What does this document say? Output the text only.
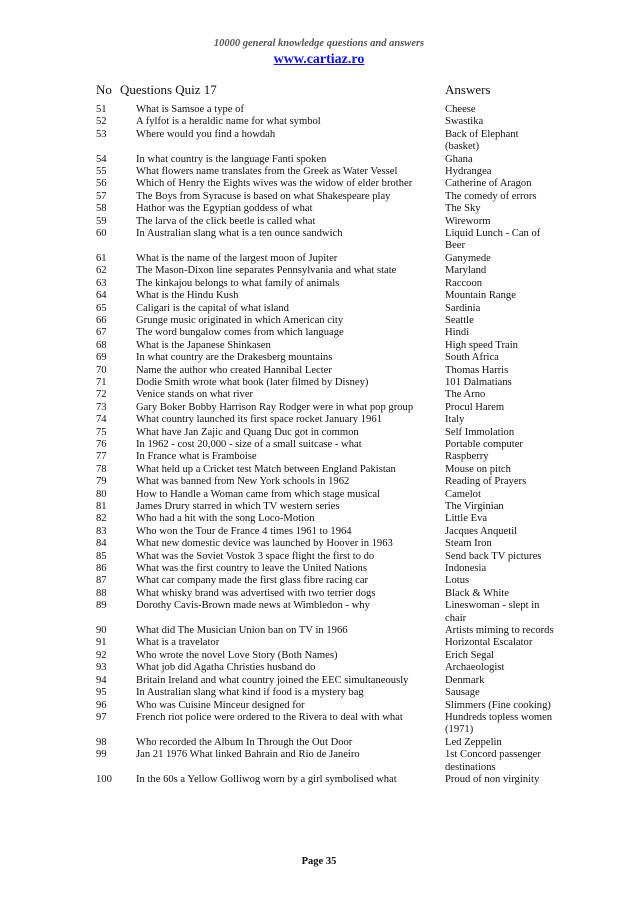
10000 general knowledge questions and answers
www.cartiaz.ro
No Questions Quiz 17	Answers
51	What is Samsoe a type of	Cheese
52	A fylfot is a heraldic name for what symbol	Swastika
53	Where would you find a howdah	Back of Elephant (basket)
54	In what country is the language Fanti spoken	Ghana
55	What flowers name translates from the Greek as Water Vessel	Hydrangea
56	Which of Henry the Eights wives was the widow of elder brother	Catherine of Aragon
57	The Boys from Syracuse is based on what Shakespeare play	The comedy of errors
58	Hathor was the Egyptian goddess of what	The Sky
59	The larva of the click beetle is called what	Wireworm
60	In Australian slang what is a ten ounce sandwich	Liquid Lunch - Can of Beer
61	What is the name of the largest moon of Jupiter	Ganymede
62	The Mason-Dixon line separates Pennsylvania and what state	Maryland
63	The kinkajou belongs to what family of animals	Raccoon
64	What is the Hindu Kush	Mountain Range
65	Caligari is the capital of what island	Sardinia
66	Grunge music originated in which American city	Seattle
67	The word bungalow comes from which language	Hindi
68	What is the Japanese Shinkasen	High speed Train
69	In what country are the Drakesberg mountains	South Africa
70	Name the author who created Hannibal Lecter	Thomas Harris
71	Dodie Smith wrote what book (later filmed by Disney)	101 Dalmatians
72	Venice stands on what river	The Arno
73	Gary Boker Bobby Harrison Ray Rodger were in what pop group	Procul Harem
74	What country launched its first space rocket January 1961	Italy
75	What have Jan Zajic and Quang Duc got in common	Self Immolation
76	In 1962 - cost 20,000 - size of a small suitcase - what	Portable computer
77	In France what is Framboise	Raspberry
78	What held up a Cricket test Match between England Pakistan	Mouse on pitch
79	What was banned from New York schools in 1962	Reading of Prayers
80	How to Handle a Woman came from which stage musical	Camelot
81	James Drury starred in which TV western series	The Virginian
82	Who had a hit with the song Loco-Motion	Little Eva
83	Who won the Tour de France 4 times 1961 to 1964	Jacques Anquetil
84	What new domestic device was launched by Hoover in 1963	Steam Iron
85	What was the Soviet Vostok 3 space flight the first to do	Send back TV pictures
86	What was the first country to leave the United Nations	Indonesia
87	What car company made the first glass fibre racing car	Lotus
88	What whisky brand was advertised with two terrier dogs	Black & White
89	Dorothy Cavis-Brown made news at Wimbledon - why	Lineswoman - slept in chair
90	What did The Musician Union ban on TV in 1966	Artists miming to records
91	What is a travelator	Horizontal Escalator
92	Who wrote the novel Love Story (Both Names)	Erich Segal
93	What job did Agatha Christies husband do	Archaeologist
94	Britain Ireland and what country joined the EEC simultaneously	Denmark
95	In Australian slang what kind if food is a mystery bag	Sausage
96	Who was Cuisine Minceur designed for	Slimmers (Fine cooking)
97	French riot police were ordered to the Rivera to deal with what	Hundreds topless women (1971)
98	Who recorded the Album In Through the Out Door	Led Zeppelin
99	Jan 21 1976 What linked Bahrain and Rio de Janeiro	1st Concord passenger destinations
100	In the 60s a Yellow Golliwog worn by a girl symbolised what	Proud of non virginity
Page 35
